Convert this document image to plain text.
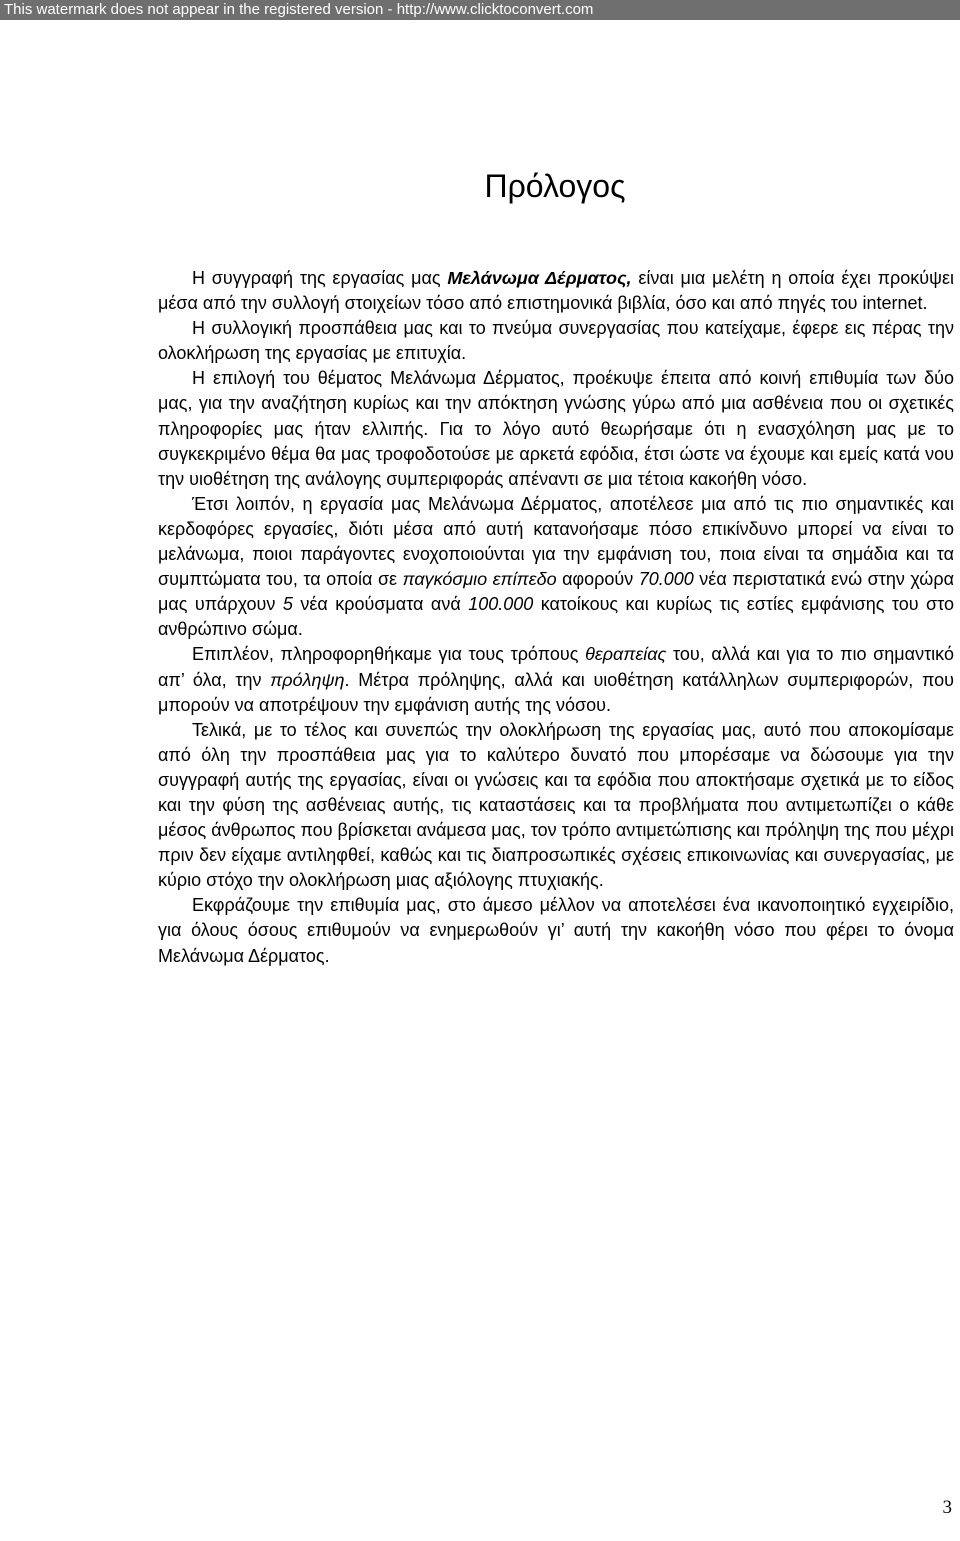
This watermark does not appear in the registered version - http://www.clicktoconvert.com
Πρόλογος

Η συγγραφή της εργασίας μας Μελάνωμα Δέρματος, είναι μια μελέτη η οποία έχει προκύψει μέσα από την συλλογή στοιχείων τόσο από επιστημονικά βιβλία, όσο και από πηγές του internet.

Η συλλογική προσπάθεια μας και το πνεύμα συνεργασίας που κατείχαμε, έφερε εις πέρας την ολοκλήρωση της εργασίας με επιτυχία.

Η επιλογή του θέματος Μελάνωμα Δέρματος, προέκυψε έπειτα από κοινή επιθυμία των δύο μας, για την αναζήτηση κυρίως και την απόκτηση γνώσης γύρω από μια ασθένεια που οι σχετικές πληροφορίες μας ήταν ελλιπής. Για το λόγο αυτό θεωρήσαμε ότι η ενασχόληση μας με το συγκεκριμένο θέμα θα μας τροφοδοτούσε με αρκετά εφόδια, έτσι ώστε να έχουμε και εμείς κατά νου την υιοθέτηση της ανάλογης συμπεριφοράς απέναντι σε μια τέτοια κακοήθη νόσο.

Έτσι λοιπόν, η εργασία μας Μελάνωμα Δέρματος, αποτέλεσε μια από τις πιο σημαντικές και κερδοφόρες εργασίες, διότι μέσα από αυτή κατανοήσαμε πόσο επικίνδυνο μπορεί να είναι το μελάνωμα, ποιοι παράγοντες ενοχοποιούνται για την εμφάνιση του, ποια είναι τα σημάδια και τα συμπτώματα του, τα οποία σε παγκόσμιο επίπεδο αφορούν 70.000 νέα περιστατικά ενώ στην χώρα μας υπάρχουν 5 νέα κρούσματα ανά 100.000 κατοίκους και κυρίως τις εστίες εμφάνισης του στο ανθρώπινο σώμα.

Επιπλέον, πληροφορηθήκαμε για τους τρόπους θεραπείας του, αλλά και για το πιο σημαντικό απ’ όλα, την πρόληψη. Μέτρα πρόληψης, αλλά και υιοθέτηση κατάλληλων συμπεριφορών, που μπορούν να αποτρέψουν την εμφάνιση αυτής της νόσου.

Τελικά, με το τέλος και συνεπώς την ολοκλήρωση της εργασίας μας, αυτό που αποκομίσαμε από όλη την προσπάθεια μας για το καλύτερο δυνατό που μπορέσαμε να δώσουμε για την συγγραφή αυτής της εργασίας, είναι οι γνώσεις και τα εφόδια που αποκτήσαμε σχετικά με το είδος και την φύση της ασθένειας αυτής, τις καταστάσεις και τα προβλήματα που αντιμετωπίζει ο κάθε μέσος άνθρωπος που βρίσκεται ανάμεσα μας, τον τρόπο αντιμετώπισης και πρόληψη της που μέχρι πριν δεν είχαμε αντιληφθεί, καθώς και τις διαπροσωπικές σχέσεις επικοινωνίας και συνεργασίας, με κύριο στόχο την ολοκλήρωση μιας αξιόλογης πτυχιακής.

Εκφράζουμε την επιθυμία μας, στο άμεσο μέλλον να αποτελέσει ένα ικανοποιητικό εγχειρίδιο, για όλους όσους επιθυμούν να ενημερωθούν γι’ αυτή την κακοήθη νόσο που φέρει το όνομα Μελάνωμα Δέρματος.

3
